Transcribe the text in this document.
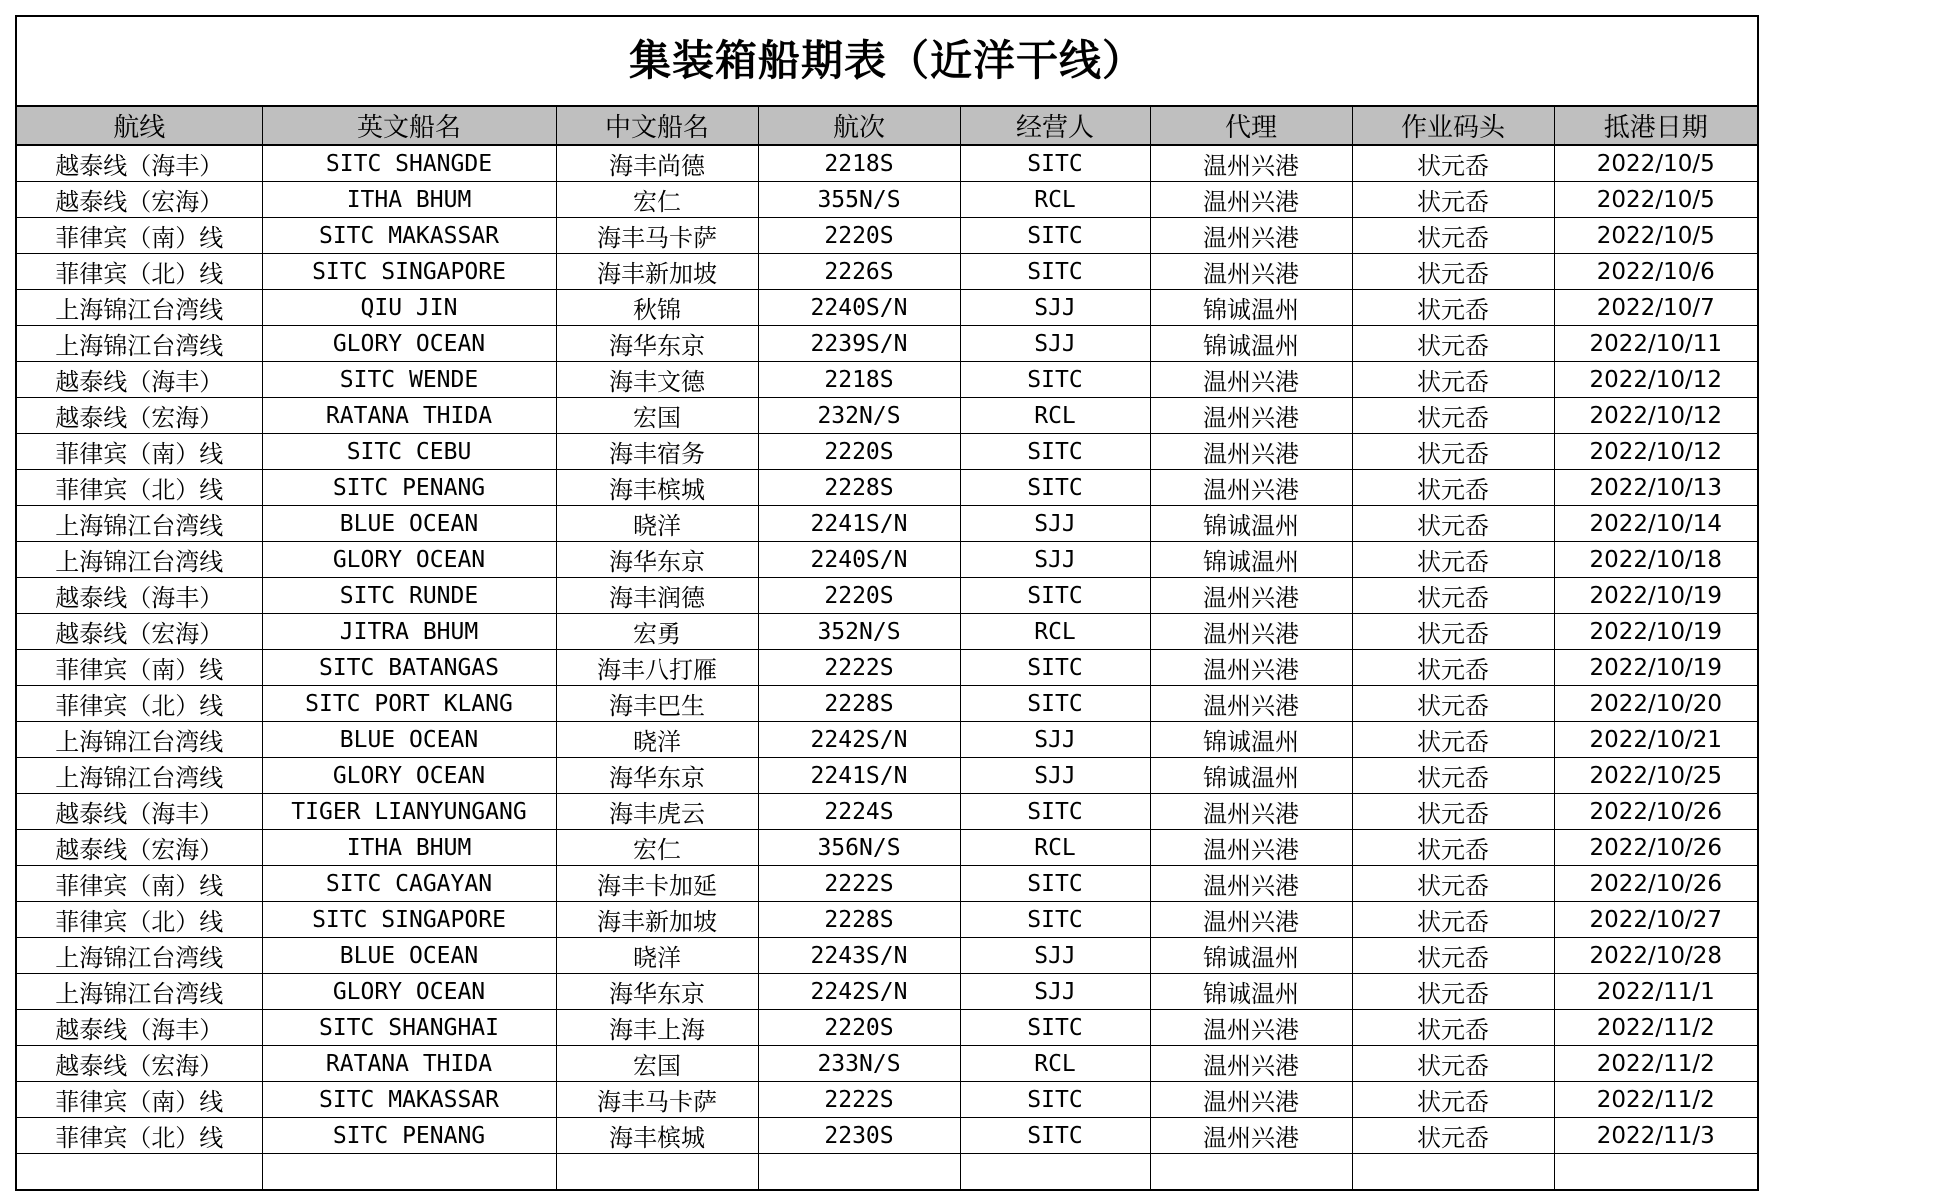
集装箱船期表（近洋干线）
航线	英文船名	中文船名	航次	经营人	代理	作业码头	抵港日期
越泰线（海丰）	SITC SHANGDE	海丰尚德	2218S	SITC	温州兴港	状元岙	2022/10/5
越泰线（宏海）	ITHA BHUM	宏仁	355N/S	RCL	温州兴港	状元岙	2022/10/5
菲律宾（南）线	SITC MAKASSAR	海丰马卡萨	2220S	SITC	温州兴港	状元岙	2022/10/5
菲律宾（北）线	SITC SINGAPORE	海丰新加坡	2226S	SITC	温州兴港	状元岙	2022/10/6
上海锦江台湾线	QIU JIN	秋锦	2240S/N	SJJ	锦诚温州	状元岙	2022/10/7
上海锦江台湾线	GLORY OCEAN	海华东京	2239S/N	SJJ	锦诚温州	状元岙	2022/10/11
越泰线（海丰）	SITC WENDE	海丰文德	2218S	SITC	温州兴港	状元岙	2022/10/12
越泰线（宏海）	RATANA THIDA	宏国	232N/S	RCL	温州兴港	状元岙	2022/10/12
菲律宾（南）线	SITC CEBU	海丰宿务	2220S	SITC	温州兴港	状元岙	2022/10/12
菲律宾（北）线	SITC PENANG	海丰槟城	2228S	SITC	温州兴港	状元岙	2022/10/13
上海锦江台湾线	BLUE OCEAN	晓洋	2241S/N	SJJ	锦诚温州	状元岙	2022/10/14
上海锦江台湾线	GLORY OCEAN	海华东京	2240S/N	SJJ	锦诚温州	状元岙	2022/10/18
越泰线（海丰）	SITC RUNDE	海丰润德	2220S	SITC	温州兴港	状元岙	2022/10/19
越泰线（宏海）	JITRA BHUM	宏勇	352N/S	RCL	温州兴港	状元岙	2022/10/19
菲律宾（南）线	SITC BATANGAS	海丰八打雁	2222S	SITC	温州兴港	状元岙	2022/10/19
菲律宾（北）线	SITC PORT KLANG	海丰巴生	2228S	SITC	温州兴港	状元岙	2022/10/20
上海锦江台湾线	BLUE OCEAN	晓洋	2242S/N	SJJ	锦诚温州	状元岙	2022/10/21
上海锦江台湾线	GLORY OCEAN	海华东京	2241S/N	SJJ	锦诚温州	状元岙	2022/10/25
越泰线（海丰）	TIGER LIANYUNGANG	海丰虎云	2224S	SITC	温州兴港	状元岙	2022/10/26
越泰线（宏海）	ITHA BHUM	宏仁	356N/S	RCL	温州兴港	状元岙	2022/10/26
菲律宾（南）线	SITC CAGAYAN	海丰卡加延	2222S	SITC	温州兴港	状元岙	2022/10/26
菲律宾（北）线	SITC SINGAPORE	海丰新加坡	2228S	SITC	温州兴港	状元岙	2022/10/27
上海锦江台湾线	BLUE OCEAN	晓洋	2243S/N	SJJ	锦诚温州	状元岙	2022/10/28
上海锦江台湾线	GLORY OCEAN	海华东京	2242S/N	SJJ	锦诚温州	状元岙	2022/11/1
越泰线（海丰）	SITC SHANGHAI	海丰上海	2220S	SITC	温州兴港	状元岙	2022/11/2
越泰线（宏海）	RATANA THIDA	宏国	233N/S	RCL	温州兴港	状元岙	2022/11/2
菲律宾（南）线	SITC MAKASSAR	海丰马卡萨	2222S	SITC	温州兴港	状元岙	2022/11/2
菲律宾（北）线	SITC PENANG	海丰槟城	2230S	SITC	温州兴港	状元岙	2022/11/3
